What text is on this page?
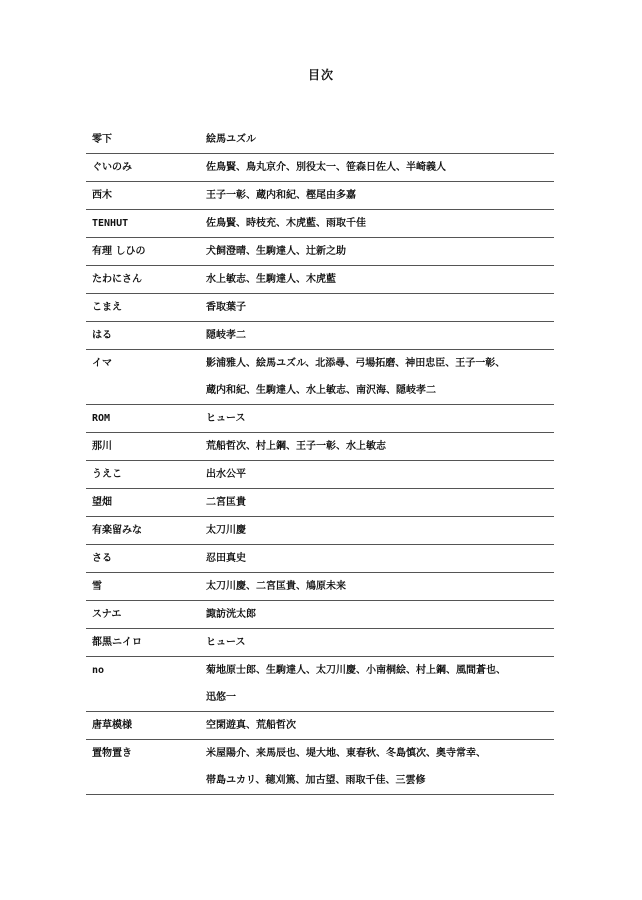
目次
零下	絵馬ユズル
ぐいのみ	佐鳥賢、鳥丸京介、別役太一、笹森日佐人、半崎義人
西木	王子一彰、蔵内和紀、樫尾由多嘉
TENHUT	佐鳥賢、時枝充、木虎藍、雨取千佳
有理 しひの	犬飼澄晴、生駒達人、辻新之助
たわにさん	水上敏志、生駒達人、木虎藍
こまえ	香取葉子
はる	隠岐孝二
イマ	影浦雅人、絵馬ユズル、北添尋、弓場拓磨、神田忠臣、王子一彰、
蔵内和紀、生駒達人、水上敏志、南沢海、隠岐孝二
ROM	ヒュース
那川	荒船哲次、村上鋼、王子一彰、水上敏志
うえこ	出水公平
望畑	二宮匡貴
有楽留みな	太刀川慶
さる	忍田真史
雪	太刀川慶、二宮匡貴、鳩原未来
スナエ	諏訪洸太郎
都黒ニイロ	ヒュース
no	菊地原士郎、生駒達人、太刀川慶、小南桐絵、村上鋼、風間蒼也、
迅悠一
唐草模様	空閑遊真、荒船哲次
置物置き	米屋陽介、来馬辰也、堤大地、東春秋、冬島慎次、奥寺常幸、
帯島ユカリ、穂刈篤、加古望、雨取千佳、三雲修
